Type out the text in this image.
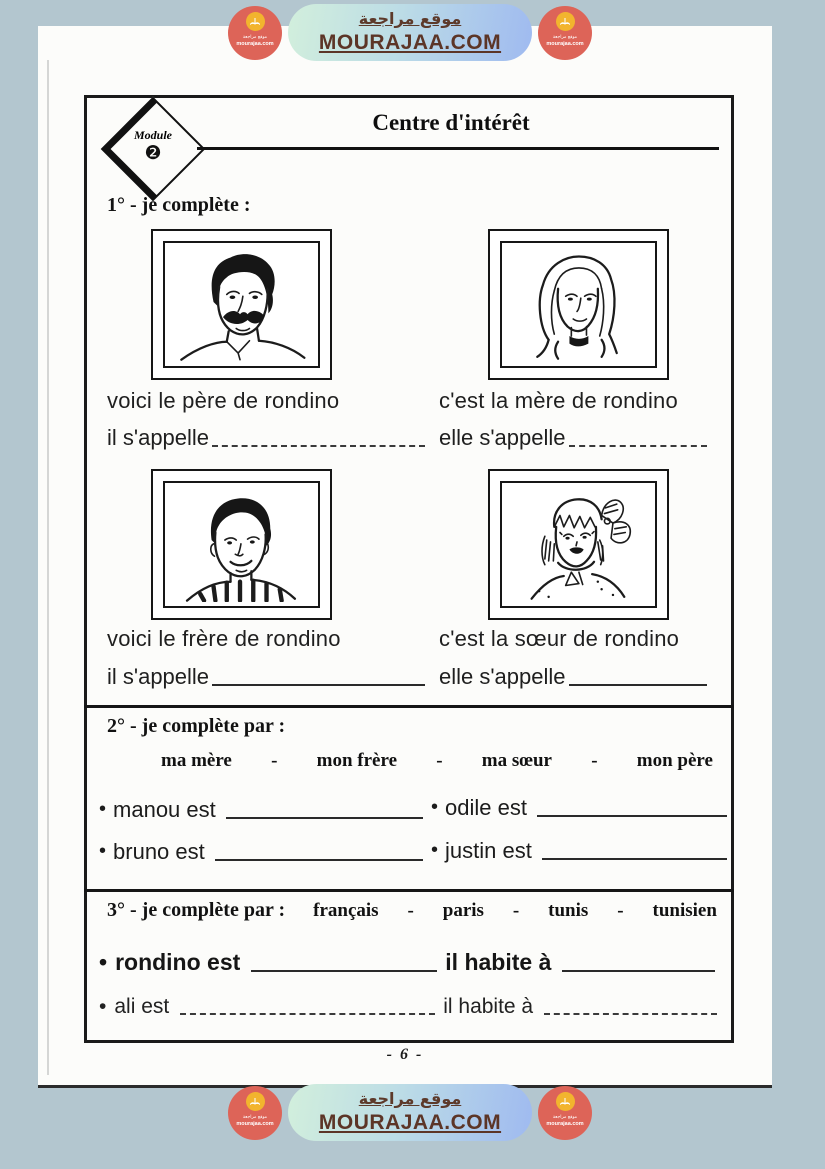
موقع مراجعة
mourajaa.com
موقع مراجعة
MOURAJAA.COM	موقع مراجعة
mourajaa.com
Module
❷
Centre d'intérêt
1° - je complète :
voici le père de rondino	c'est la mère de rondino
il s'appelle	elle s'appelle
voici le frère de rondino	c'est la sœur de rondino
il s'appelle	elle s'appelle
2° - je complète par :
ma mère - mon frère - ma sœur - mon père
• manou est	• odile est
• bruno est	• justin est
3° - je complète par : français - paris - tunis - tunisien
• rondino est	il habite à
• ali est	il habite à
- 6 -
موقع مراجعة
mourajaa.com
موقع مراجعة
MOURAJAA.COM	موقع مراجعة
mourajaa.com
